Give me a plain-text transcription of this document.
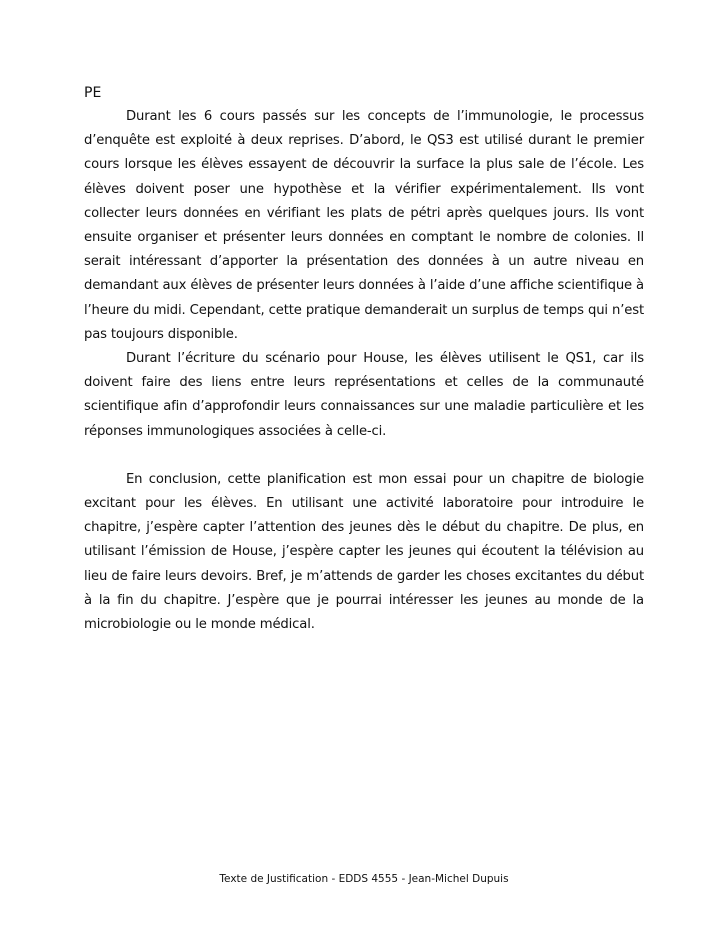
PE

Durant les 6 cours passés sur les concepts de l’immunologie, le processus d’enquête est exploité à deux reprises. D’abord, le QS3 est utilisé durant le premier cours lorsque les élèves essayent de découvrir la surface la plus sale de l’école. Les élèves doivent poser une hypothèse et la vérifier expérimentalement. Ils vont collecter leurs données en vérifiant les plats de pétri après quelques jours. Ils vont ensuite organiser et présenter leurs données en comptant le nombre de colonies. Il serait intéressant d’apporter la présentation des données à un autre niveau en demandant aux élèves de présenter leurs données à l’aide d’une affiche scientifique à l’heure du midi. Cependant, cette pratique demanderait un surplus de temps qui n’est pas toujours disponible.

Durant l’écriture du scénario pour House, les élèves utilisent le QS1, car ils doivent faire des liens entre leurs représentations et celles de la communauté scientifique afin d’approfondir leurs connaissances sur une maladie particulière et les réponses immunologiques associées à celle-ci.

En conclusion, cette planification est mon essai pour un chapitre de biologie excitant pour les élèves. En utilisant une activité laboratoire pour introduire le chapitre, j’espère capter l’attention des jeunes dès le début du chapitre. De plus, en utilisant l’émission de House, j’espère capter les jeunes qui écoutent la télévision au lieu de faire leurs devoirs. Bref, je m’attends de garder les choses excitantes du début à la fin du chapitre. J’espère que je pourrai intéresser les jeunes au monde de la microbiologie ou le monde médical.

Texte de Justification - EDDS 4555 - Jean-Michel Dupuis
